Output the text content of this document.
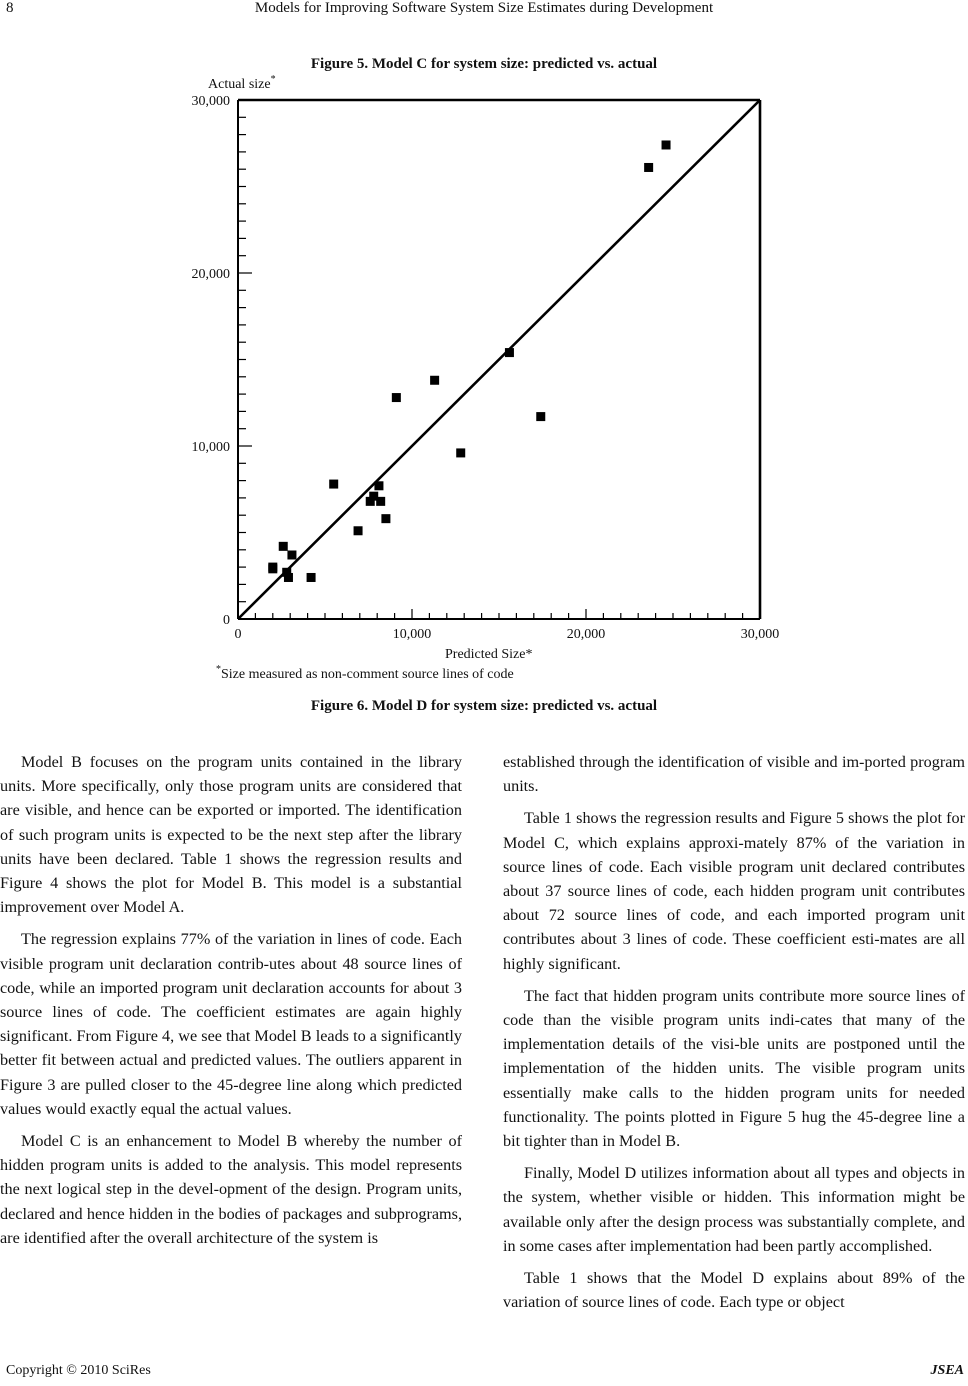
8	Models for Improving Software System Size Estimates during Development
0
10,000
20,000
30,000
0	10,000	20,000	30,000
Actual size*
Predicted Size*
*Size measured as non-comment source lines of code
Figure 5. Model C for system size: predicted vs. actual
Figure 6. Model D for system size: predicted vs. actual

Model B focuses on the program units contained in the library units. More specifically, only those program units are considered that are visible, and hence can be exported or imported. The identification of such program units is expected to be the next step after the library units have been declared. Table 1 shows the regression results and Figure 4 shows the plot for Model B. This model is a substantial improvement over Model A.

The regression explains 77% of the variation in lines of code. Each visible program unit declaration contrib-utes about 48 source lines of code, while an imported program unit declaration accounts for about 3 source lines of code. The coefficient estimates are again highly significant. From Figure 4, we see that Model B leads to a significantly better fit between actual and predicted values. The outliers apparent in Figure 3 are pulled closer to the 45-degree line along which predicted values would exactly equal the actual values.

Model C is an enhancement to Model B whereby the number of hidden program units is added to the analysis. This model represents the next logical step in the devel-opment of the design. Program units, declared and hence hidden in the bodies of packages and subprograms, are identified after the overall architecture of the system is

established through the identification of visible and im-ported program units.

Table 1 shows the regression results and Figure 5 shows the plot for Model C, which explains approxi-mately 87% of the variation in source lines of code. Each visible program unit declared contributes about 37 source lines of code, each hidden program unit contributes about 72 source lines of code, and each imported program unit contributes about 3 lines of code. These coefficient esti-mates are all highly significant.

The fact that hidden program units contribute more source lines of code than the visible program units indi-cates that many of the implementation details of the visi-ble units are postponed until the implementation of the hidden units. The visible program units essentially make calls to the hidden program units for needed functionality. The points plotted in Figure 5 hug the 45-degree line a bit tighter than in Model B.

Finally, Model D utilizes information about all types and objects in the system, whether visible or hidden. This information might be available only after the design process was substantially complete, and in some cases after implementation had been partly accomplished.

Table 1 shows that the Model D explains about 89% of the variation of source lines of code. Each type or object

Copyright © 2010 SciRes	JSEA
